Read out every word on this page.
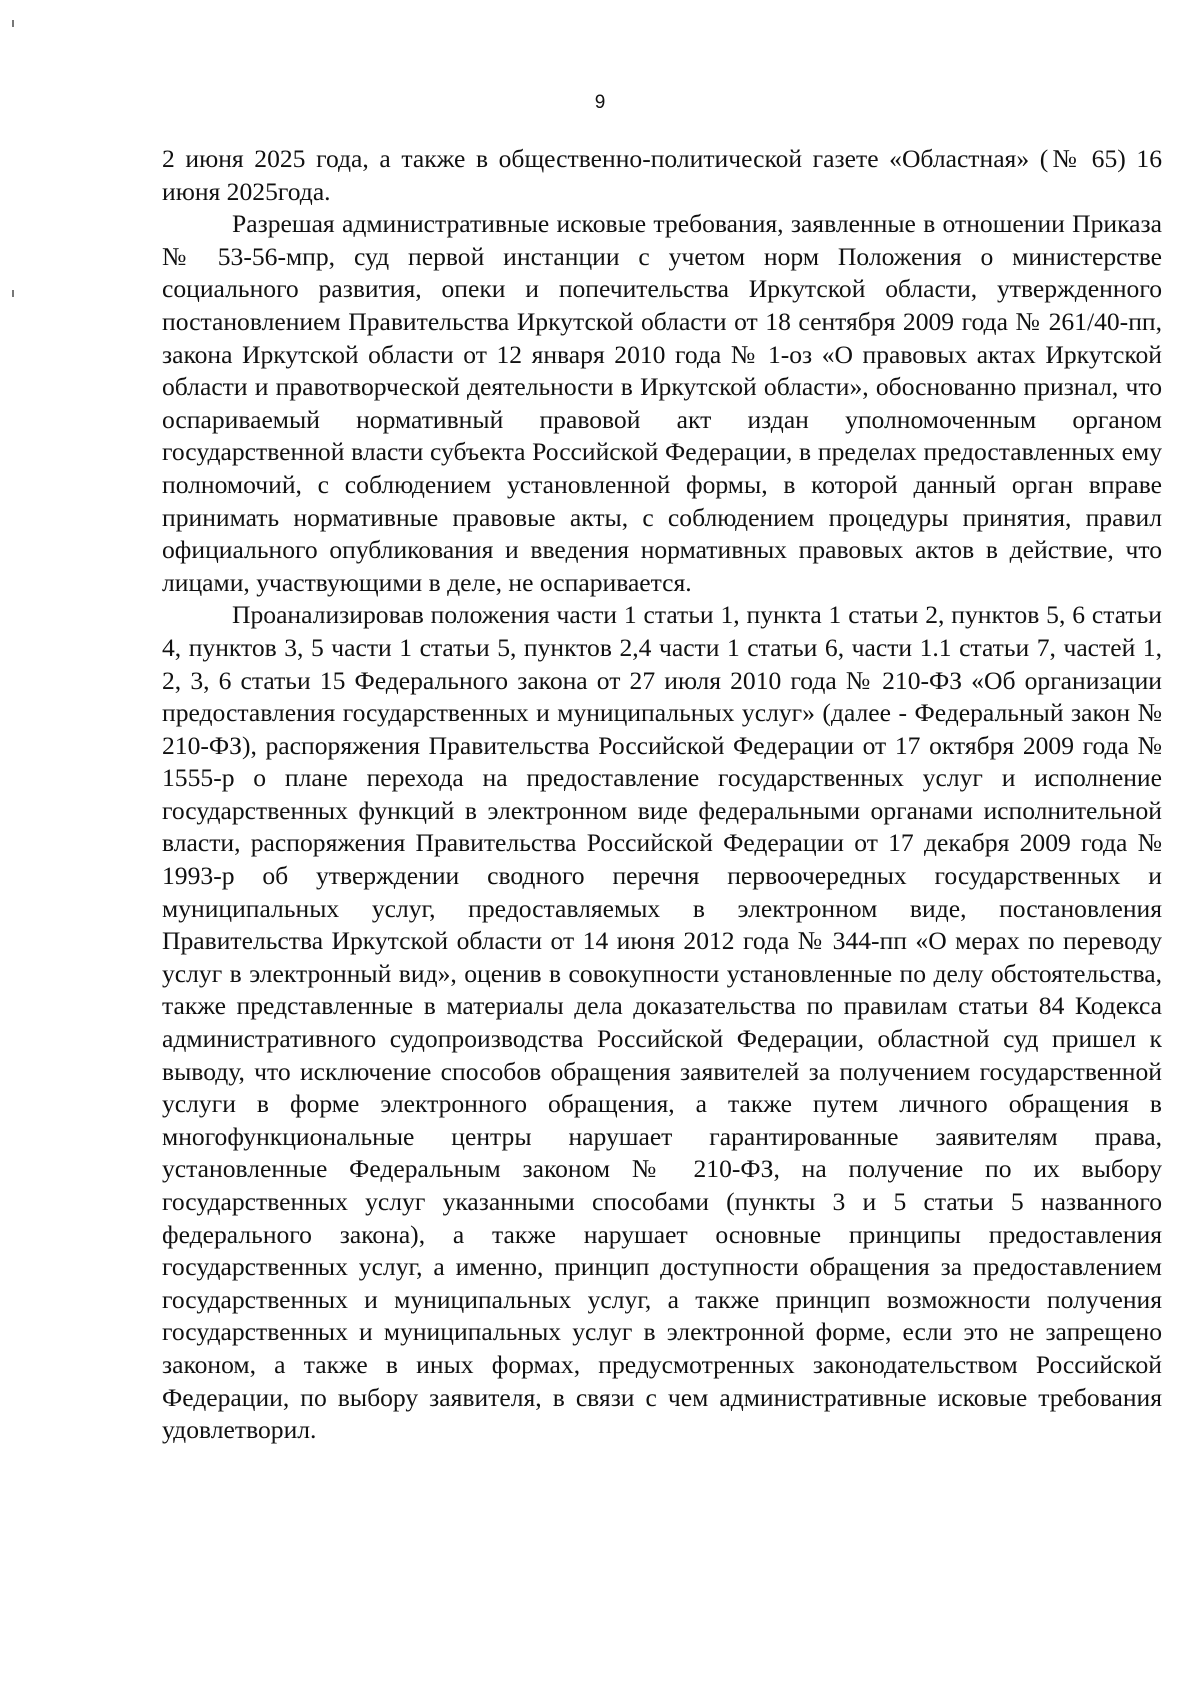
9

2 июня 2025 года, а также в общественно-политической газете «Областная» (№ 65) 16 июня 2025года.

Разрешая административные исковые требования, заявленные в отношении Приказа № 53-56-мпр, суд первой инстанции с учетом норм Положения о министерстве социального развития, опеки и попечительства Иркутской области, утвержденного постановлением Правительства Иркутской области от 18 сентября 2009 года № 261/40-пп, закона Иркутской области от 12 января 2010 года № 1-оз «О правовых актах Иркутской области и правотворческой деятельности в Иркутской области», обоснованно признал, что оспариваемый нормативный правовой акт издан уполномоченным органом государственной власти субъекта Российской Федерации, в пределах предоставленных ему полномочий, с соблюдением установленной формы, в которой данный орган вправе принимать нормативные правовые акты, с соблюдением процедуры принятия, правил официального опубликования и введения нормативных правовых актов в действие, что лицами, участвующими в деле, не оспаривается.

Проанализировав положения части 1 статьи 1, пункта 1 статьи 2, пунктов 5, 6 статьи 4, пунктов 3, 5 части 1 статьи 5, пунктов 2,4 части 1 статьи 6, части 1.1 статьи 7, частей 1, 2, 3, 6 статьи 15 Федерального закона от 27 июля 2010 года № 210-ФЗ «Об организации предоставления государственных и муниципальных услуг» (далее - Федеральный закон № 210-ФЗ), распоряжения Правительства Российской Федерации от 17 октября 2009 года № 1555-р о плане перехода на предоставление государственных услуг и исполнение государственных функций в электронном виде федеральными органами исполнительной власти, распоряжения Правительства Российской Федерации от 17 декабря 2009 года № 1993-р об утверждении сводного перечня первоочередных государственных и муниципальных услуг, предоставляемых в электронном виде, постановления Правительства Иркутской области от 14 июня 2012 года № 344-пп «О мерах по переводу услуг в электронный вид», оценив в совокупности установленные по делу обстоятельства, также представленные в материалы дела доказательства по правилам статьи 84 Кодекса административного судопроизводства Российской Федерации, областной суд пришел к выводу, что исключение способов обращения заявителей за получением государственной услуги в форме электронного обращения, а также путем личного обращения в многофункциональные центры нарушает гарантированные заявителям права, установленные Федеральным законом № 210-ФЗ, на получение по их выбору государственных услуг указанными способами (пункты 3 и 5 статьи 5 названного федерального закона), а также нарушает основные принципы предоставления государственных услуг, а именно, принцип доступности обращения за предоставлением государственных и муниципальных услуг, а также принцип возможности получения государственных и муниципальных услуг в электронной форме, если это не запрещено законом, а также в иных формах, предусмотренных законодательством Российской Федерации, по выбору заявителя, в связи с чем административные исковые требования удовлетворил.
